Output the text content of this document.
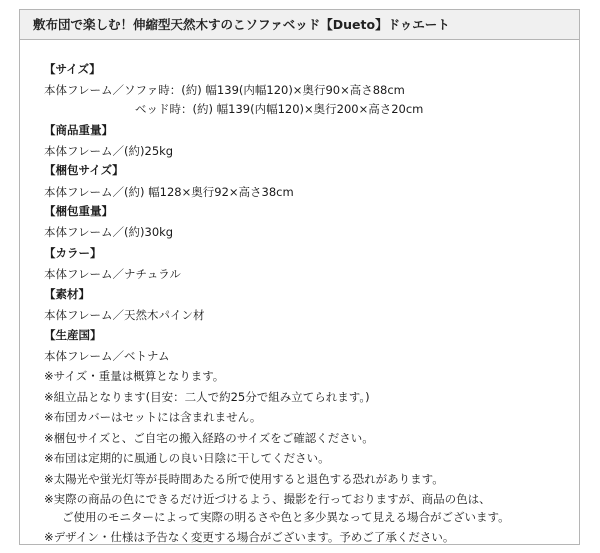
敷布団で楽しむ！伸縮型天然木すのこソファベッド【Dueto】ドゥエート
【サイズ】
本体フレーム／ソファ時：(約) 幅139(内幅120)×奥行90×高さ88cm
ベッド時：(約) 幅139(内幅120)×奥行200×高さ20cm
【商品重量】
本体フレーム／(約)25kg
【梱包サイズ】
本体フレーム／(約) 幅128×奥行92×高さ38cm
【梱包重量】
本体フレーム／(約)30kg
【カラー】
本体フレーム／ナチュラル
【素材】
本体フレーム／天然木パイン材
【生産国】
本体フレーム／ベトナム
※サイズ・重量は概算となります。
※組立品となります(目安：二人で約25分で組み立てられます。)
※布団カバーはセットには含まれません。
※梱包サイズと、ご自宅の搬入経路のサイズをご確認ください。
※布団は定期的に風通しの良い日陰に干してください。
※太陽光や蛍光灯等が長時間あたる所で使用すると退色する恐れがあります。
※実際の商品の色にできるだけ近づけるよう、撮影を行っておりますが、商品の色は、
ご使用のモニターによって実際の明るさや色と多少異なって見える場合がございます。
※デザイン・仕様は予告なく変更する場合がございます。予めご了承ください。
